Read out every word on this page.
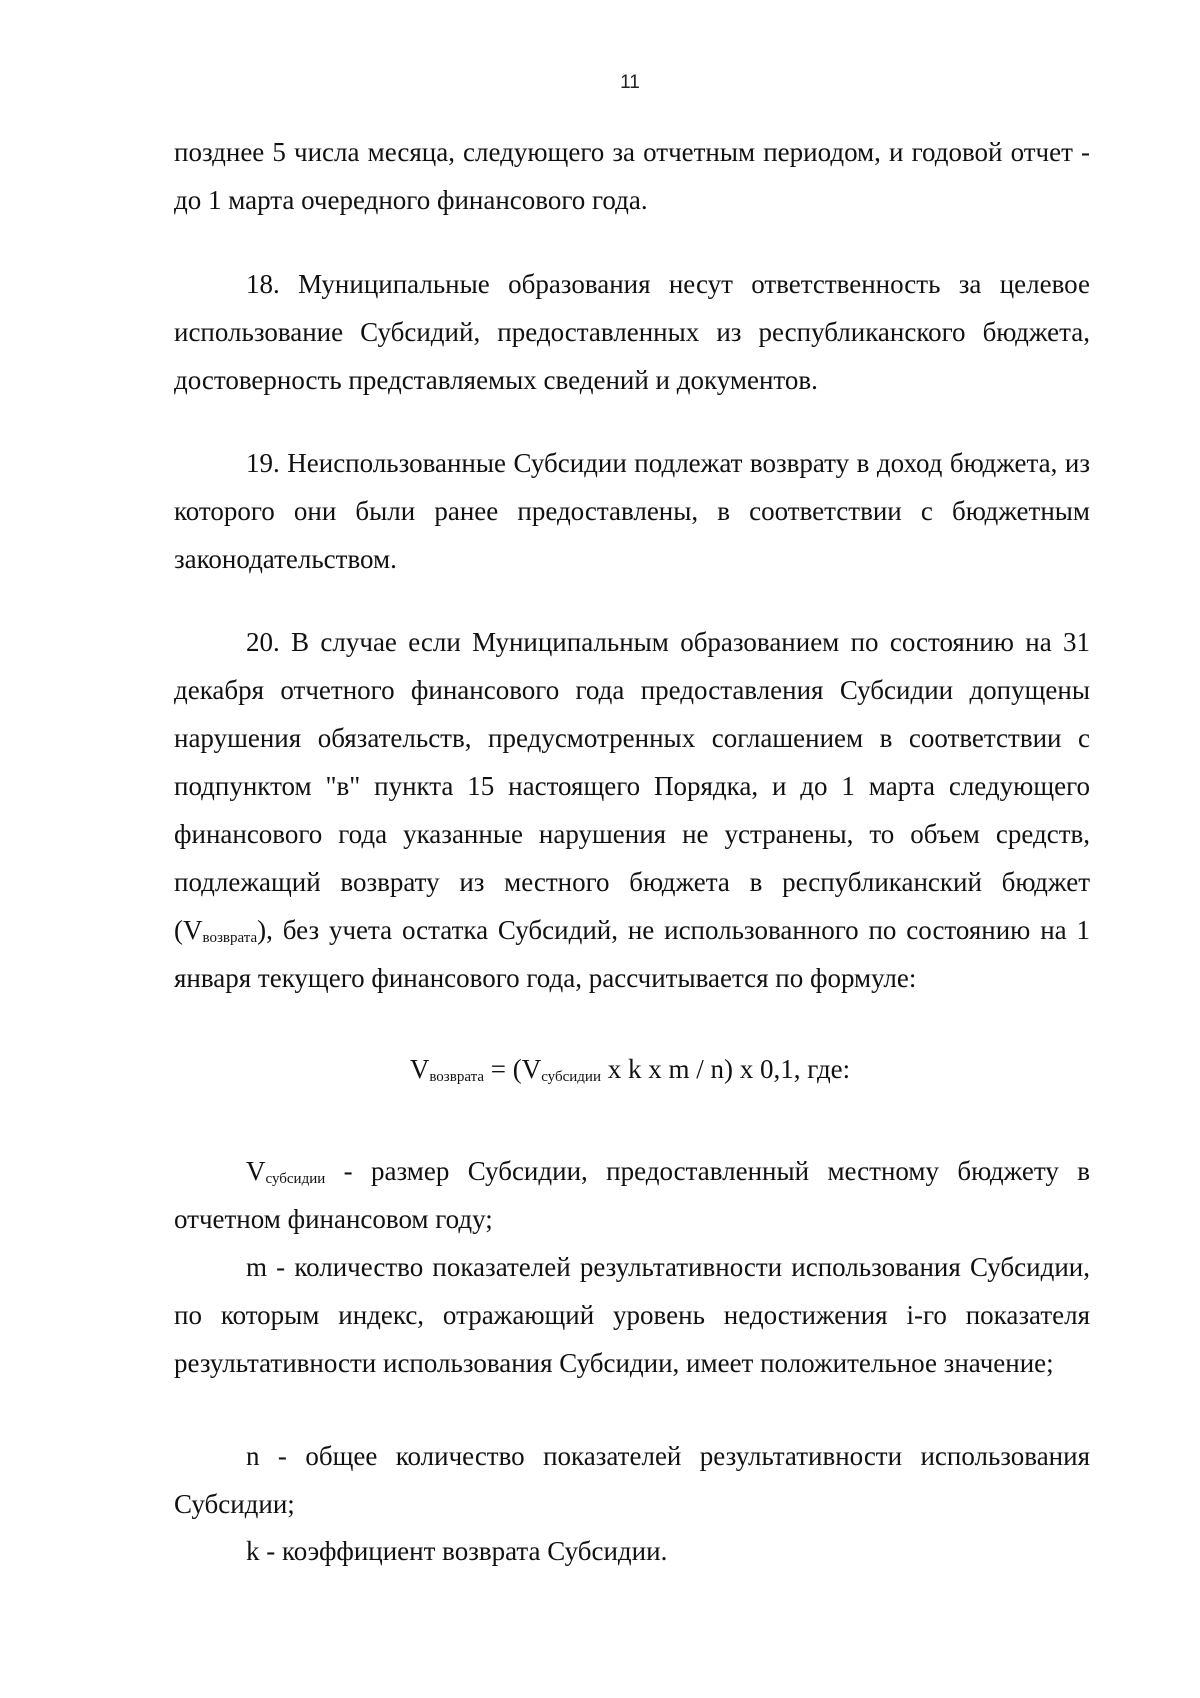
11

позднее 5 числа месяца, следующего за отчетным периодом, и годовой отчет - до 1 марта очередного финансового года.

18. Муниципальные образования несут ответственность за целевое использование Субсидий, предоставленных из республиканского бюджета, достоверность представляемых сведений и документов.

19. Неиспользованные Субсидии подлежат возврату в доход бюджета, из которого они были ранее предоставлены, в соответствии с бюджетным законодательством.

20. В случае если Муниципальным образованием по состоянию на 31 декабря отчетного финансового года предоставления Субсидии допущены нарушения обязательств, предусмотренных соглашением в соответствии с подпунктом "в" пункта 15 настоящего Порядка, и до 1 марта следующего финансового года указанные нарушения не устранены, то объем средств, подлежащий возврату из местного бюджета в республиканский бюджет $(V_{возврата})$, без учета остатка Субсидий, не использованного по состоянию на 1 января текущего финансового года, рассчитывается по формуле:

$V_{возврата} = (V_{субсидии}$ x k x m / n) x 0,1, где:

$V_{субсидии}$ - размер Субсидии, предоставленный местному бюджету в отчетном финансовом году;

m - количество показателей результативности использования Субсидии, по которым индекс, отражающий уровень недостижения i-го показателя результативности использования Субсидии, имеет положительное значение;

n - общее количество показателей результативности использования Субсидии;

k - коэффициент возврата Субсидии.
